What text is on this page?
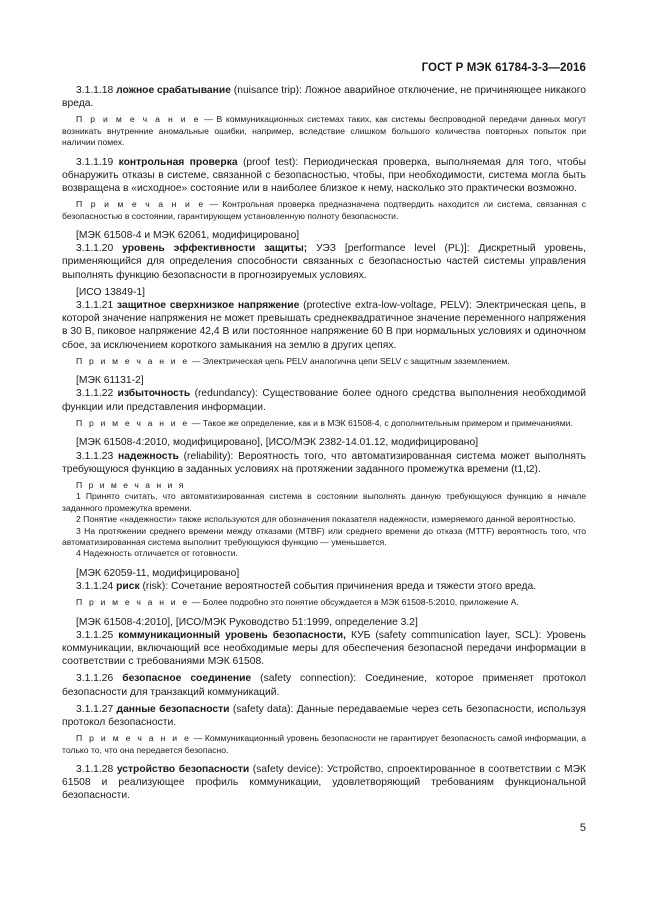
ГОСТ Р МЭК 61784-3-3—2016

3.1.1.18 ложное срабатывание (nuisance trip): Ложное аварийное отключение, не причиняющее никакого вреда.

П р и м е ч а н и е — В коммуникационных системах таких, как системы беспроводной передачи данных могут возникать внутренние аномальные ошибки, например, вследствие слишком большого количества повторных попыток при наличии помех.

3.1.1.19 контрольная проверка (proof test): Периодическая проверка, выполняемая для того, чтобы обнаружить отказы в системе, связанной с безопасностью, чтобы, при необходимости, система могла быть возвращена в «исходное» состояние или в наиболее близкое к нему, насколько это практически возможно.

П р и м е ч а н и е — Контрольная проверка предназначена подтвердить находится ли система, связанная с безопасностью в состоянии, гарантирующем установленную полноту безопасности.

[МЭК 61508-4 и МЭК 62061, модифицировано]

3.1.1.20 уровень эффективности защиты; УЭЗ [performance level (PL)]: Дискретный уровень, применяющийся для определения способности связанных с безопасностью частей системы управления выполнять функцию безопасности в прогнозируемых условиях.

[ИСО 13849-1]

3.1.1.21 защитное сверхнизкое напряжение (protective extra-low-voltage, PELV): Электрическая цепь, в которой значение напряжения не может превышать среднеквадратичное значение переменного напряжения в 30 В, пиковое напряжение 42,4 В или постоянное напряжение 60 В при нормальных условиях и одиночном сбое, за исключением короткого замыкания на землю в других цепях.

П р и м е ч а н и е — Электрическая цепь PELV аналогична цепи SELV с защитным заземлением.

[МЭК 61131-2]

3.1.1.22 избыточность (redundancy): Существование более одного средства выполнения необходимой функции или представления информации.

П р и м е ч а н и е — Такое же определение, как и в МЭК 61508-4, с дополнительным примером и примечаниями.

[МЭК 61508-4:2010, модифицировано], [ИСО/МЭК 2382-14.01.12, модифицировано]

3.1.1.23 надежность (reliability): Вероятность того, что автоматизированная система может выполнять требующуюся функцию в заданных условиях на протяжении заданного промежутка времени (t1,t2).

П р и м е ч а н и я

1 Принято считать, что автоматизированная система в состоянии выполнять данную требующуюся функцию в начале заданного промежутка времени.

2 Понятие «надежности» также используются для обозначения показателя надежности, измеряемого данной вероятностью.

3 На протяжении среднего времени между отказами (MTBF) или среднего времени до отказа (MTTF) вероятность того, что автоматизированная система выполнит требующуюся функцию — уменьшается.

4 Надежность отличается от готовности.

[МЭК 62059-11, модифицировано]

3.1.1.24 риск (risk): Сочетание вероятностей события причинения вреда и тяжести этого вреда.

П р и м е ч а н и е — Более подробно это понятие обсуждается в МЭК 61508-5:2010, приложение А.

[МЭК 61508-4:2010], [ИСО/МЭК Руководство 51:1999, определение 3.2]

3.1.1.25 коммуникационный уровень безопасности, КУБ (safety communication layer, SCL): Уровень коммуникации, включающий все необходимые меры для обеспечения безопасной передачи информации в соответствии с требованиями МЭК 61508.

3.1.1.26 безопасное соединение (safety connection): Соединение, которое применяет протокол безопасности для транзакций коммуникаций.

3.1.1.27 данные безопасности (safety data): Данные передаваемые через сеть безопасности, используя протокол безопасности.

П р и м е ч а н и е — Коммуникационный уровень безопасности не гарантирует безопасность самой информации, а только то, что она передается безопасно.

3.1.1.28 устройство безопасности (safety device): Устройство, спроектированное в соответствии с МЭК 61508 и реализующее профиль коммуникации, удовлетворяющий требованиям функциональной безопасности.

5
